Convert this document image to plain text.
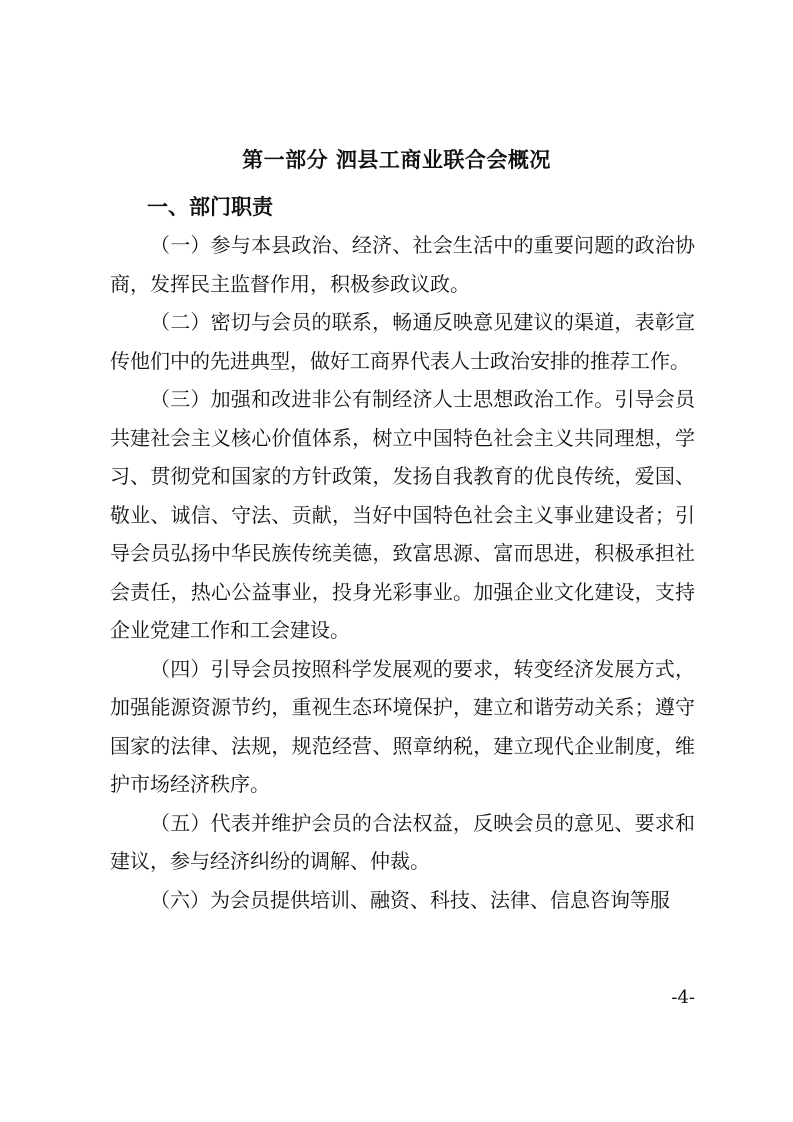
第一部分 泗县工商业联合会概况
一、部门职责

（一）参与本县政治、经济、社会生活中的重要问题的政治协商，发挥民主监督作用，积极参政议政。

（二）密切与会员的联系，畅通反映意见建议的渠道，表彰宣传他们中的先进典型，做好工商界代表人士政治安排的推荐工作。

（三）加强和改进非公有制经济人士思想政治工作。引导会员共建社会主义核心价值体系，树立中国特色社会主义共同理想，学习、贯彻党和国家的方针政策，发扬自我教育的优良传统，爱国、敬业、诚信、守法、贡献，当好中国特色社会主义事业建设者；引导会员弘扬中华民族传统美德，致富思源、富而思进，积极承担社会责任，热心公益事业，投身光彩事业。加强企业文化建设，支持企业党建工作和工会建设。

（四）引导会员按照科学发展观的要求，转变经济发展方式，加强能源资源节约，重视生态环境保护，建立和谐劳动关系；遵守国家的法律、法规，规范经营、照章纳税，建立现代企业制度，维护市场经济秩序。

（五）代表并维护会员的合法权益，反映会员的意见、要求和建议，参与经济纠纷的调解、仲裁。

（六）为会员提供培训、融资、科技、法律、信息咨询等服

-4-
